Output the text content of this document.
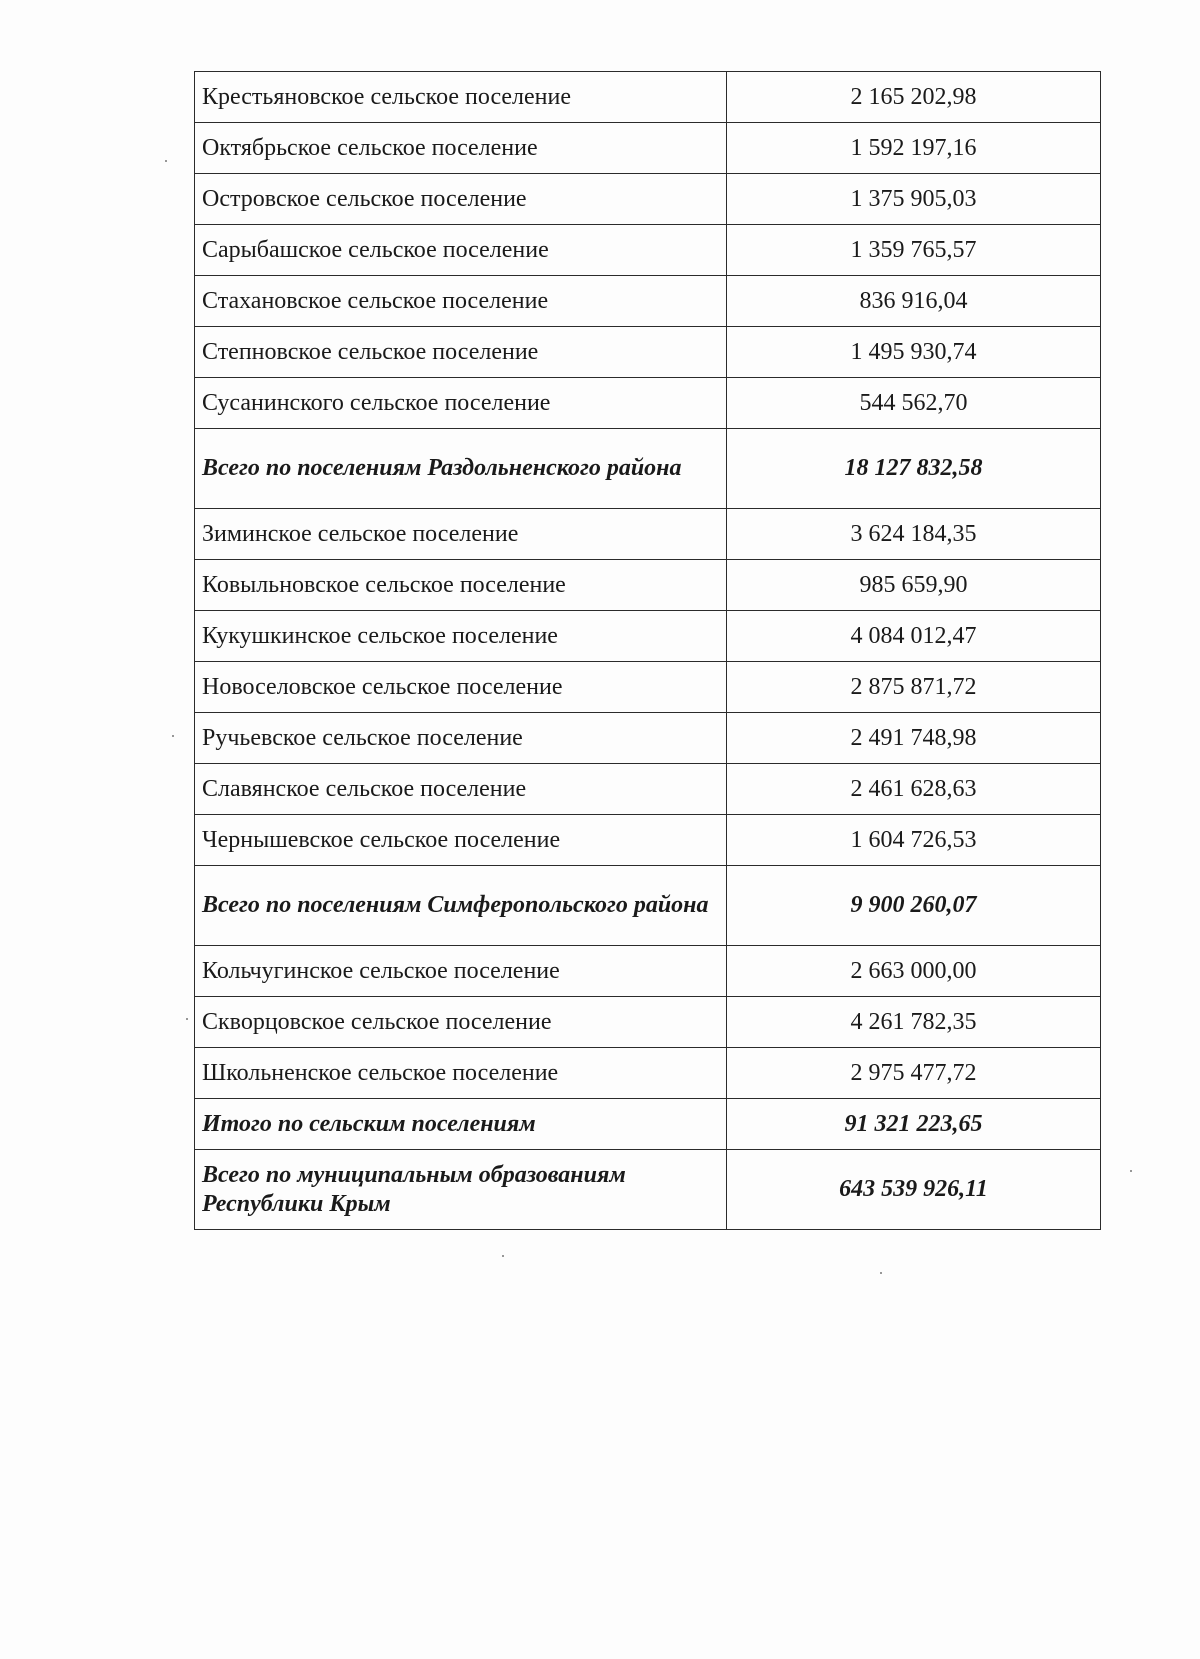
Крестьяновское сельское поселение	2 165 202,98
Октябрьское сельское поселение	1 592 197,16
Островское сельское поселение	1 375 905,03
Сарыбашское сельское поселение	1 359 765,57
Стахановское сельское поселение	836 916,04
Степновское сельское поселение	1 495 930,74
Сусанинского сельское поселение	544 562,70
Всего по поселениям Раздольненского района	18 127 832,58
Зиминское сельское поселение	3 624 184,35
Ковыльновское сельское поселение	985 659,90
Кукушкинское сельское поселение	4 084 012,47
Новоселовское сельское поселение	2 875 871,72
Ручьевское сельское поселение	2 491 748,98
Славянское сельское поселение	2 461 628,63
Чернышевское сельское поселение	1 604 726,53
Всего по поселениям Симферопольского района	9 900 260,07
Кольчугинское сельское поселение	2 663 000,00
Скворцовское сельское поселение	4 261 782,35
Школьненское сельское поселение	2 975 477,72
Итого по сельским поселениям	91 321 223,65
Всего по муниципальным образованиям Республики Крым	643 539 926,11
